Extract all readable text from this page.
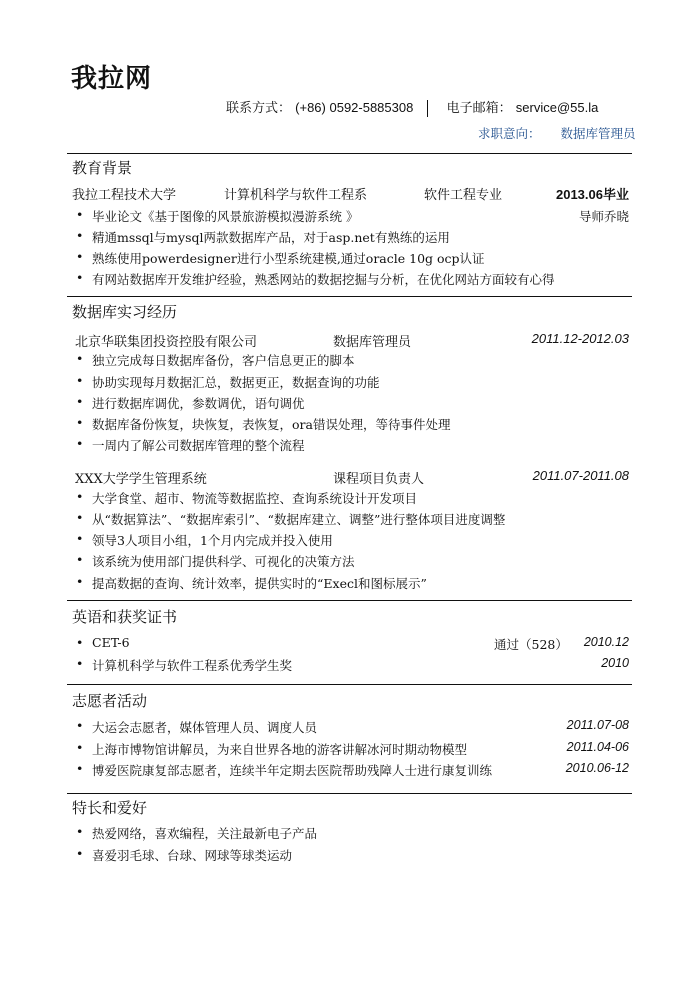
我拉网
联系方式： (+86) 0592-5885308	电子邮箱： service@55.la
求职意向： 数据库管理员
教育背景
我拉工程技术大学	计算机科学与软件工程系	软件工程专业	2013.06毕业
• 毕业论文《基于图像的风景旅游模拟漫游系统 》	导师乔晓
• 精通mssql与mysql两款数据库产品，对于asp.net有熟练的运用
• 熟练使用powerdesigner进行小型系统建模,通过oracle 10g ocp认证
• 有网站数据库开发维护经验，熟悉网站的数据挖掘与分析，在优化网站方面较有心得
数据库实习经历
北京华联集团投资控股有限公司	数据库管理员	2011.12-2012.03
• 独立完成每日数据库备份，客户信息更正的脚本
• 协助实现每月数据汇总，数据更正，数据查询的功能
• 进行数据库调优，参数调优，语句调优
• 数据库备份恢复，块恢复，表恢复，ora错误处理，等待事件处理
• 一周内了解公司数据库管理的整个流程
XXX大学学生管理系统	课程项目负责人	2011.07-2011.08
• 大学食堂、超市、物流等数据监控、查询系统设计开发项目
• 从“数据算法”、“数据库索引”、“数据库建立、调整”进行整体项目进度调整
• 领导3人项目小组，1个月内完成并投入使用
• 该系统为使用部门提供科学、可视化的决策方法
• 提高数据的查询、统计效率，提供实时的“Execl和图标展示”
英语和获奖证书
• CET-6	通过（528） 2010.12
• 计算机科学与软件工程系优秀学生奖	2010
志愿者活动
• 大运会志愿者，媒体管理人员、调度人员	2011.07-08
• 上海市博物馆讲解员，为来自世界各地的游客讲解冰河时期动物模型	2011.04-06
• 博爱医院康复部志愿者，连续半年定期去医院帮助残障人士进行康复训练	2010.06-12
特长和爱好
• 热爱网络，喜欢编程，关注最新电子产品
• 喜爱羽毛球、台球、网球等球类运动
